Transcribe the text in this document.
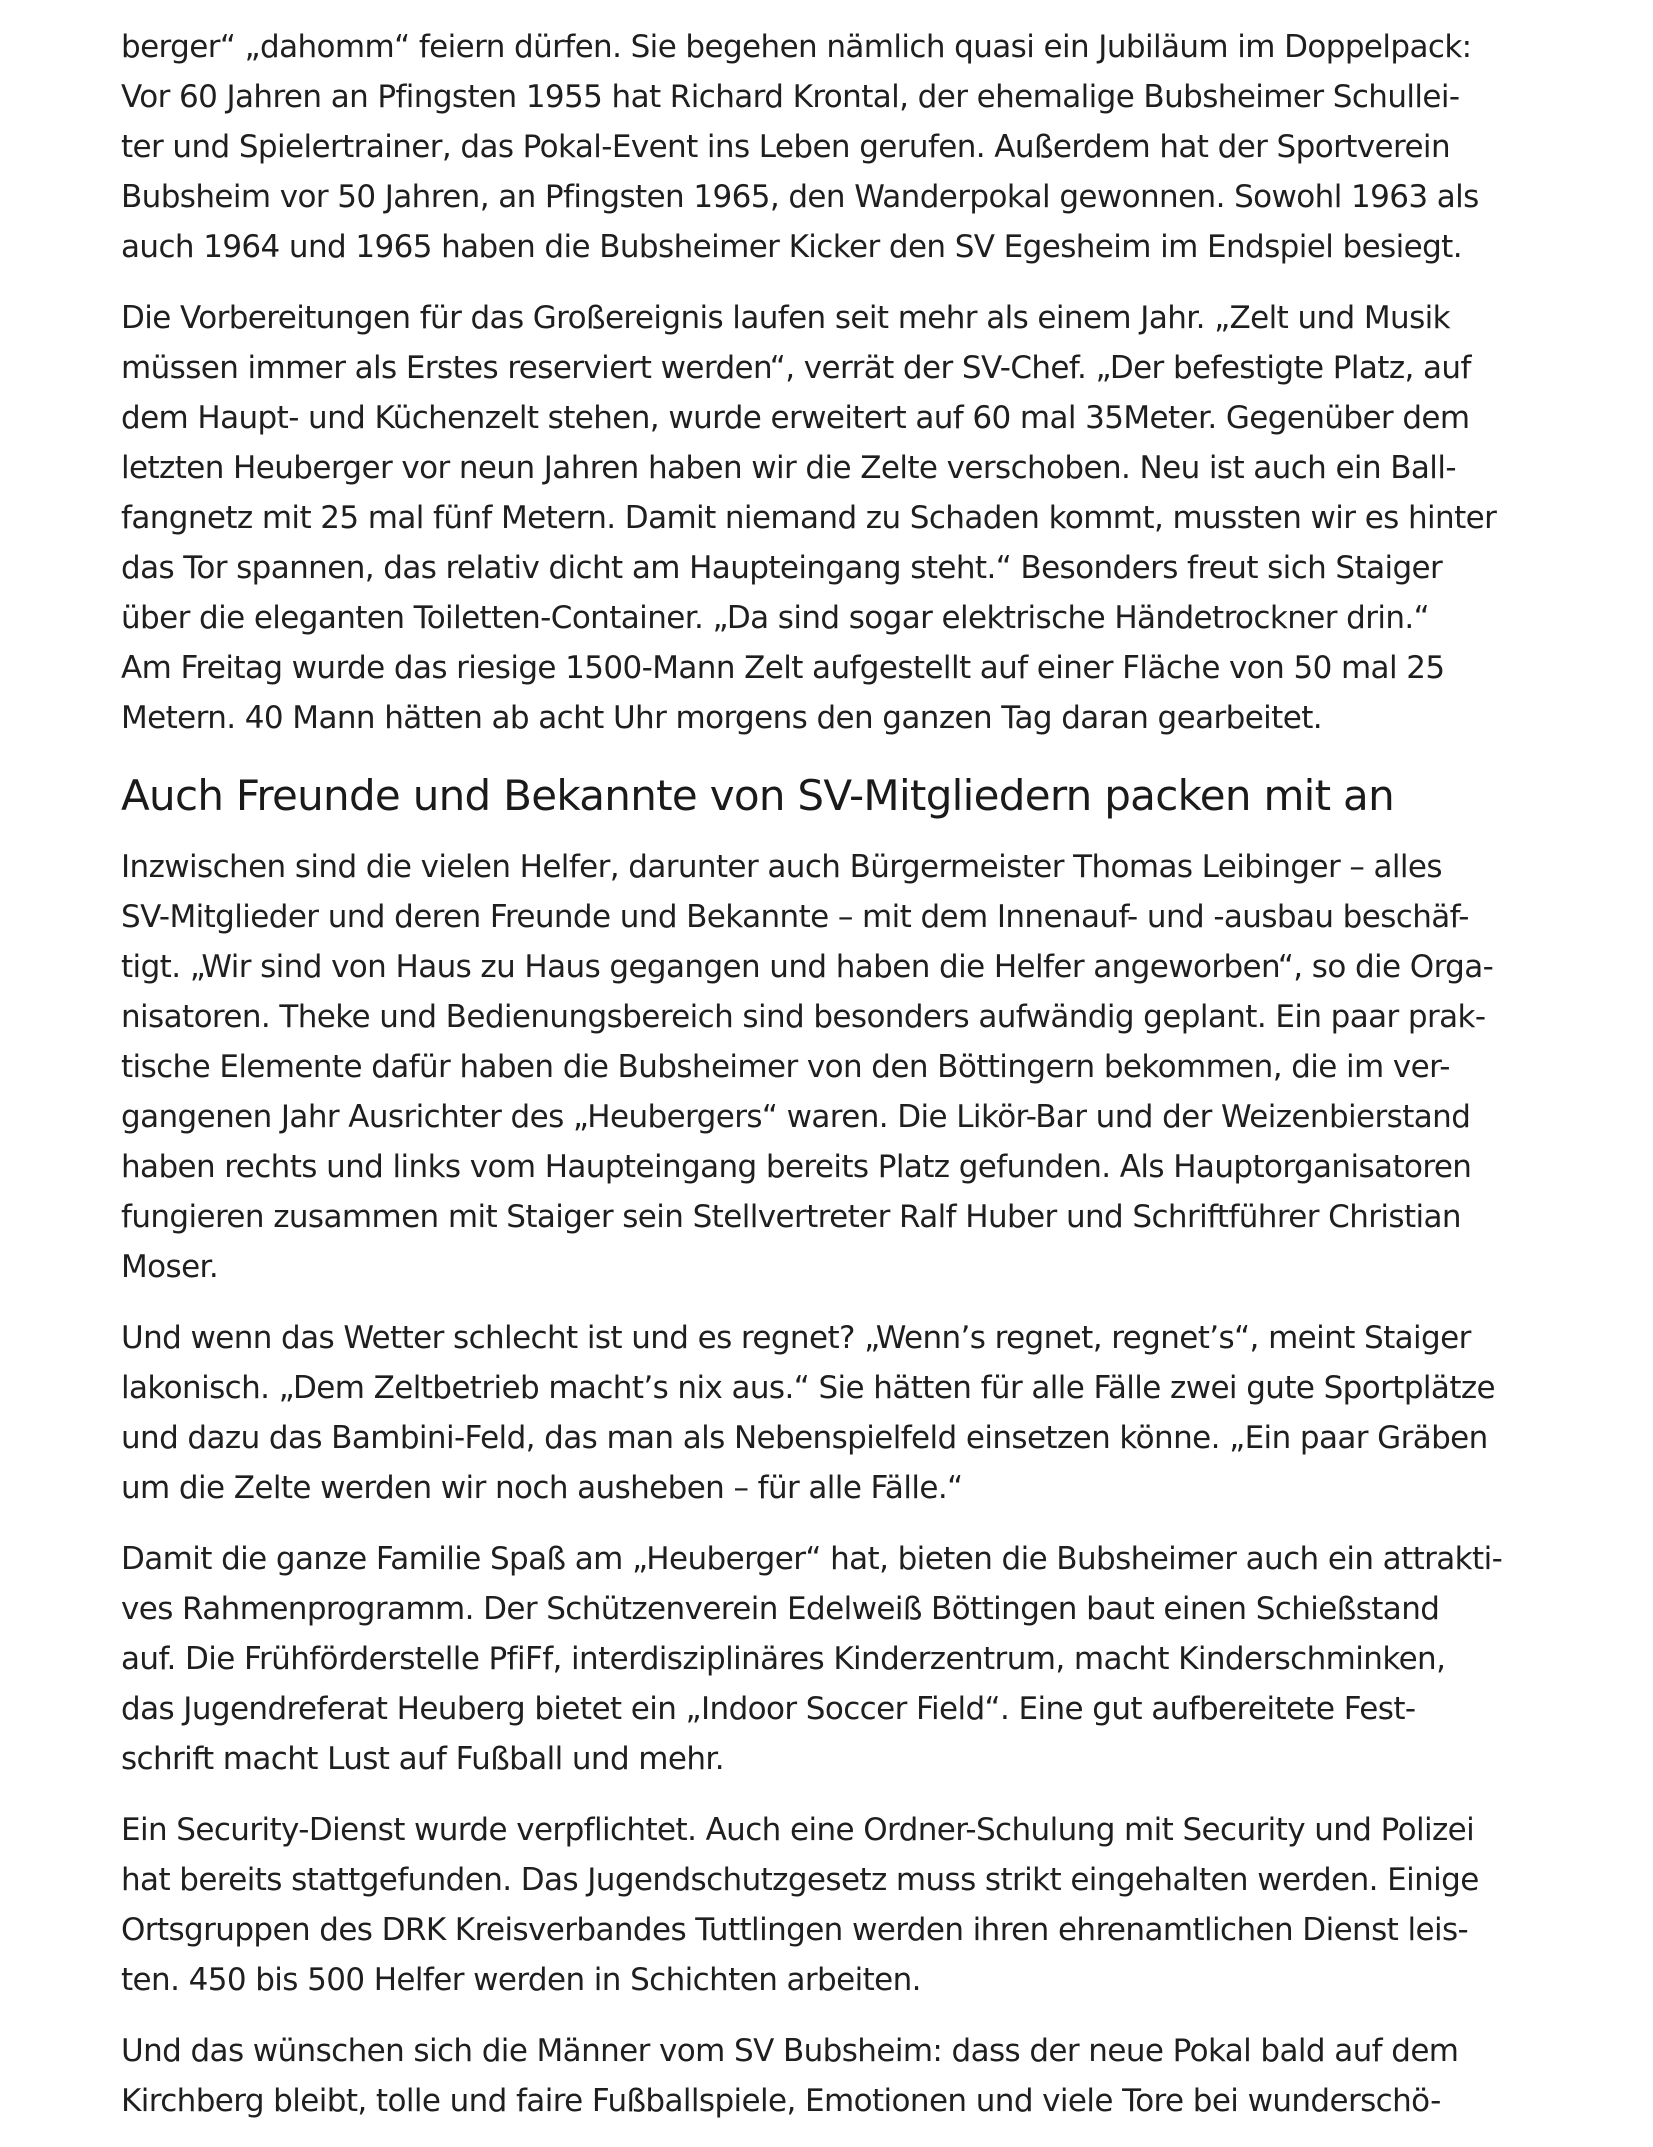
berger“ „dahomm“ feiern dürfen. Sie begehen nämlich quasi ein Jubiläum im Doppelpack:
Vor 60 Jahren an Pfingsten 1955 hat Richard Krontal, der ehemalige Bubsheimer Schullei-
ter und Spielertrainer, das Pokal-Event ins Leben gerufen. Außerdem hat der Sportverein
Bubsheim vor 50 Jahren, an Pfingsten 1965, den Wanderpokal gewonnen. Sowohl 1963 als
auch 1964 und 1965 haben die Bubsheimer Kicker den SV Egesheim im Endspiel besiegt.
Die Vorbereitungen für das Großereignis laufen seit mehr als einem Jahr. „Zelt und Musik
müssen immer als Erstes reserviert werden“, verrät der SV-Chef. „Der befestigte Platz, auf
dem Haupt- und Küchenzelt stehen, wurde erweitert auf 60 mal 35Meter. Gegenüber dem
letzten Heuberger vor neun Jahren haben wir die Zelte verschoben. Neu ist auch ein Ball-
fangnetz mit 25 mal fünf Metern. Damit niemand zu Schaden kommt, mussten wir es hinter
das Tor spannen, das relativ dicht am Haupteingang steht.“ Besonders freut sich Staiger
über die eleganten Toiletten-Container. „Da sind sogar elektrische Händetrockner drin.“
Am Freitag wurde das riesige 1500-Mann Zelt aufgestellt auf einer Fläche von 50 mal 25
Metern. 40 Mann hätten ab acht Uhr morgens den ganzen Tag daran gearbeitet.
Auch Freunde und Bekannte von SV-Mitgliedern packen mit an
Inzwischen sind die vielen Helfer, darunter auch Bürgermeister Thomas Leibinger – alles
SV-Mitglieder und deren Freunde und Bekannte – mit dem Innenauf- und -ausbau beschäf-
tigt. „Wir sind von Haus zu Haus gegangen und haben die Helfer angeworben“, so die Orga-
nisatoren. Theke und Bedienungsbereich sind besonders aufwändig geplant. Ein paar prak-
tische Elemente dafür haben die Bubsheimer von den Böttingern bekommen, die im ver-
gangenen Jahr Ausrichter des „Heubergers“ waren. Die Likör-Bar und der Weizenbierstand
haben rechts und links vom Haupteingang bereits Platz gefunden. Als Hauptorganisatoren
fungieren zusammen mit Staiger sein Stellvertreter Ralf Huber und Schriftführer Christian
Moser.
Und wenn das Wetter schlecht ist und es regnet? „Wenn’s regnet, regnet’s“, meint Staiger
lakonisch. „Dem Zeltbetrieb macht’s nix aus.“ Sie hätten für alle Fälle zwei gute Sportplätze
und dazu das Bambini-Feld, das man als Nebenspielfeld einsetzen könne. „Ein paar Gräben
um die Zelte werden wir noch ausheben – für alle Fälle.“
Damit die ganze Familie Spaß am „Heuberger“ hat, bieten die Bubsheimer auch ein attrakti-
ves Rahmenprogramm. Der Schützenverein Edelweiß Böttingen baut einen Schießstand
auf. Die Frühförderstelle PfiFf, interdisziplinäres Kinderzentrum, macht Kinderschminken,
das Jugendreferat Heuberg bietet ein „Indoor Soccer Field“. Eine gut aufbereitete Fest-
schrift macht Lust auf Fußball und mehr.
Ein Security-Dienst wurde verpflichtet. Auch eine Ordner-Schulung mit Security und Polizei
hat bereits stattgefunden. Das Jugendschutzgesetz muss strikt eingehalten werden. Einige
Ortsgruppen des DRK Kreisverbandes Tuttlingen werden ihren ehrenamtlichen Dienst leis-
ten. 450 bis 500 Helfer werden in Schichten arbeiten.
Und das wünschen sich die Männer vom SV Bubsheim: dass der neue Pokal bald auf dem
Kirchberg bleibt, tolle und faire Fußballspiele, Emotionen und viele Tore bei wunderschö-
